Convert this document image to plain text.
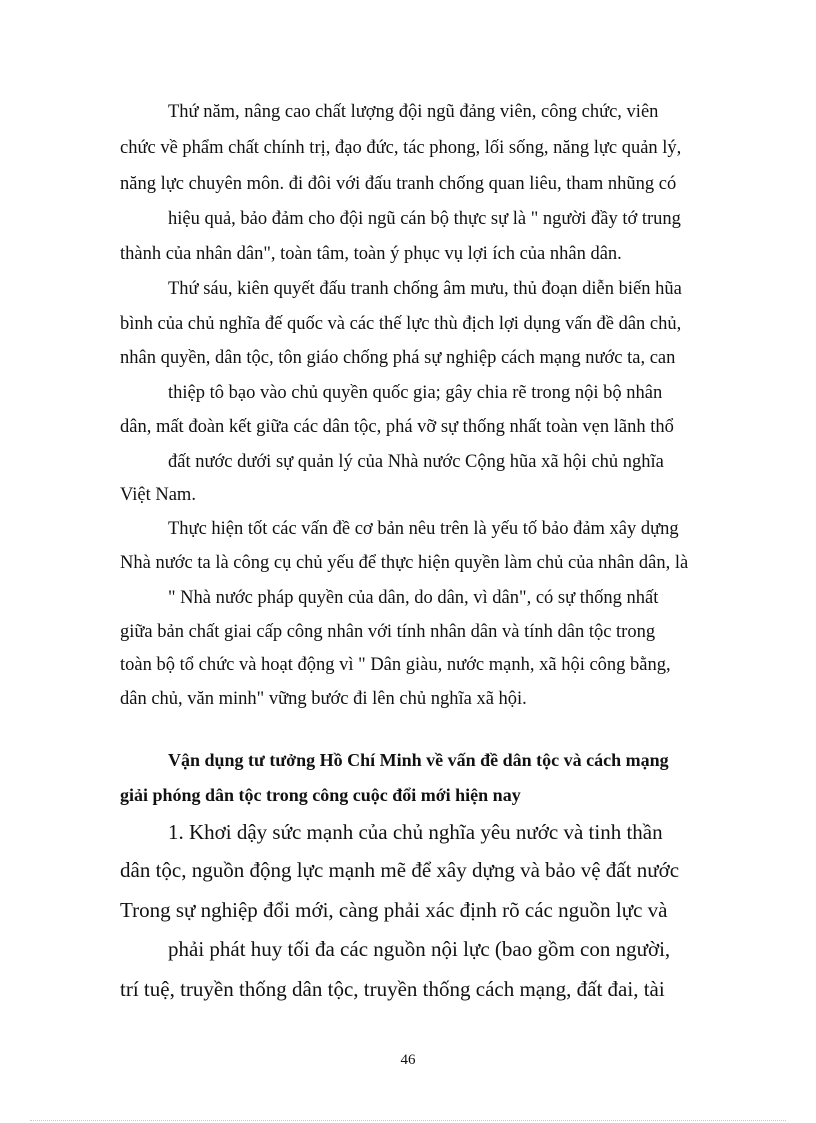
Thứ năm, nâng cao chất lượng đội ngũ đảng viên, công chức, viên
chức về phẩm chất chính trị, đạo đức, tác phong, lối sống, năng lực quản lý,
năng lực chuyên môn. đi đôi với đấu tranh chống quan liêu, tham nhũng có
hiệu quả, bảo đảm cho đội ngũ cán bộ thực sự là " người đầy tớ trung
thành của nhân dân", toàn tâm, toàn ý phục vụ lợi ích của nhân dân.
Thứ sáu, kiên quyết đấu tranh chống âm mưu, thủ đoạn diễn biến hũa
bình của chủ nghĩa đế quốc và các thế lực thù địch lợi dụng vấn đề dân chủ,
nhân quyền, dân tộc, tôn giáo chống phá sự nghiệp cách mạng nước ta, can
thiệp tô bạo vào chủ quyền quốc gia; gây chia rẽ trong nội bộ nhân
dân, mất đoàn kết giữa các dân tộc, phá vỡ sự thống nhất toàn vẹn lãnh thổ
đất nước dưới sự quản lý của Nhà nước Cộng hũa xã hội chủ nghĩa
Việt Nam.
Thực hiện tốt các vấn đề cơ bản nêu trên là yếu tố bảo đảm xây dựng
Nhà nước ta là công cụ chủ yếu để thực hiện quyền làm chủ của nhân dân, là
" Nhà nước pháp quyền của dân, do dân, vì dân", có sự thống nhất
giữa bản chất giai cấp công nhân với tính nhân dân và tính dân tộc trong
toàn bộ tổ chức và hoạt động vì " Dân giàu, nước mạnh, xã hội công bằng,
dân chủ, văn minh" vững bước đi lên chủ nghĩa xã hội.
Vận dụng tư tưởng Hồ Chí Minh về vấn đề dân tộc và cách mạng
giải phóng dân tộc trong công cuộc đổi mới hiện nay
1. Khơi dậy sức mạnh của chủ nghĩa yêu nước và tinh thần
dân tộc, nguồn động lực mạnh mẽ để xây dựng và bảo vệ đất nước
Trong sự nghiệp đổi mới, càng phải xác định rõ các nguồn lực và
phải phát huy tối đa các nguồn nội lực (bao gồm con người,
trí tuệ, truyền thống dân tộc, truyền thống cách mạng, đất đai, tài
46
